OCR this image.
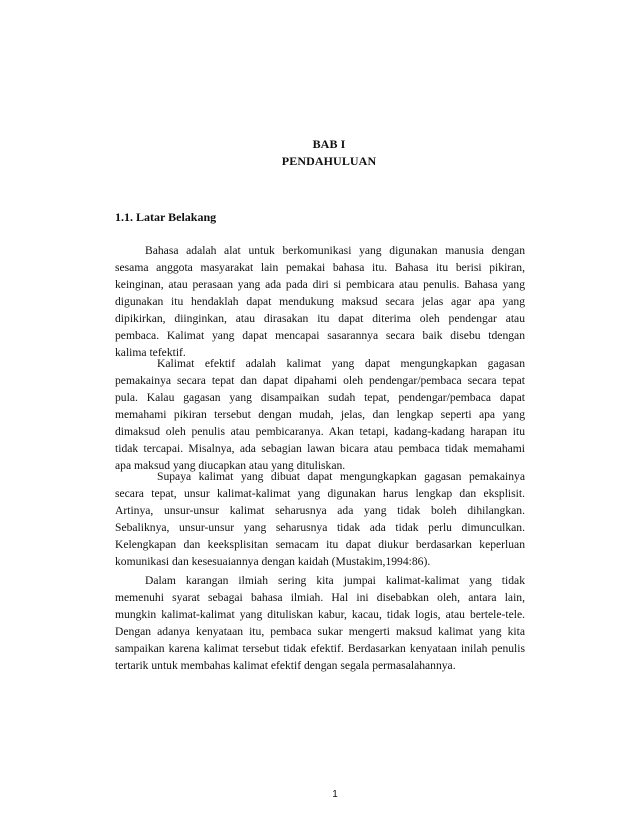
BAB I
PENDAHULUAN
1.1. Latar Belakang
Bahasa adalah alat untuk berkomunikasi yang digunakan manusia dengan
sesama anggota masyarakat lain pemakai bahasa itu. Bahasa itu berisi pikiran,
keinginan, atau perasaan yang ada pada diri si pembicara atau penulis. Bahasa yang
digunakan itu hendaklah dapat mendukung maksud secara jelas agar apa yang
dipikirkan, diinginkan, atau dirasakan itu dapat diterima oleh pendengar atau
pembaca. Kalimat yang dapat mencapai sasarannya secara baik disebu tdengan
kalima tefektif.
Kalimat efektif adalah kalimat yang dapat mengungkapkan gagasan
pemakainya secara tepat dan dapat dipahami oleh pendengar/pembaca secara tepat
pula. Kalau gagasan yang disampaikan sudah tepat, pendengar/pembaca dapat
memahami pikiran tersebut dengan mudah, jelas, dan lengkap seperti apa yang
dimaksud oleh penulis atau pembicaranya. Akan tetapi, kadang-kadang harapan itu
tidak tercapai. Misalnya, ada sebagian lawan bicara atau pembaca tidak memahami
apa maksud yang diucapkan atau yang dituliskan.
Supaya kalimat yang dibuat dapat mengungkapkan gagasan pemakainya
secara tepat, unsur kalimat-kalimat yang digunakan harus lengkap dan eksplisit.
Artinya, unsur-unsur kalimat seharusnya ada yang tidak boleh dihilangkan.
Sebaliknya, unsur-unsur yang seharusnya tidak ada tidak perlu dimunculkan.
Kelengkapan dan keeksplisitan semacam itu dapat diukur berdasarkan keperluan
komunikasi dan kesesuaiannya dengan kaidah (Mustakim,1994:86).
Dalam karangan ilmiah sering kita jumpai kalimat-kalimat yang tidak
memenuhi syarat sebagai bahasa ilmiah. Hal ini disebabkan oleh, antara lain,
mungkin kalimat-kalimat yang dituliskan kabur, kacau, tidak logis, atau bertele-tele.
Dengan adanya kenyataan itu, pembaca sukar mengerti maksud kalimat yang kita
sampaikan karena kalimat tersebut tidak efektif. Berdasarkan kenyataan inilah penulis
tertarik untuk membahas kalimat efektif dengan segala permasalahannya.
1
